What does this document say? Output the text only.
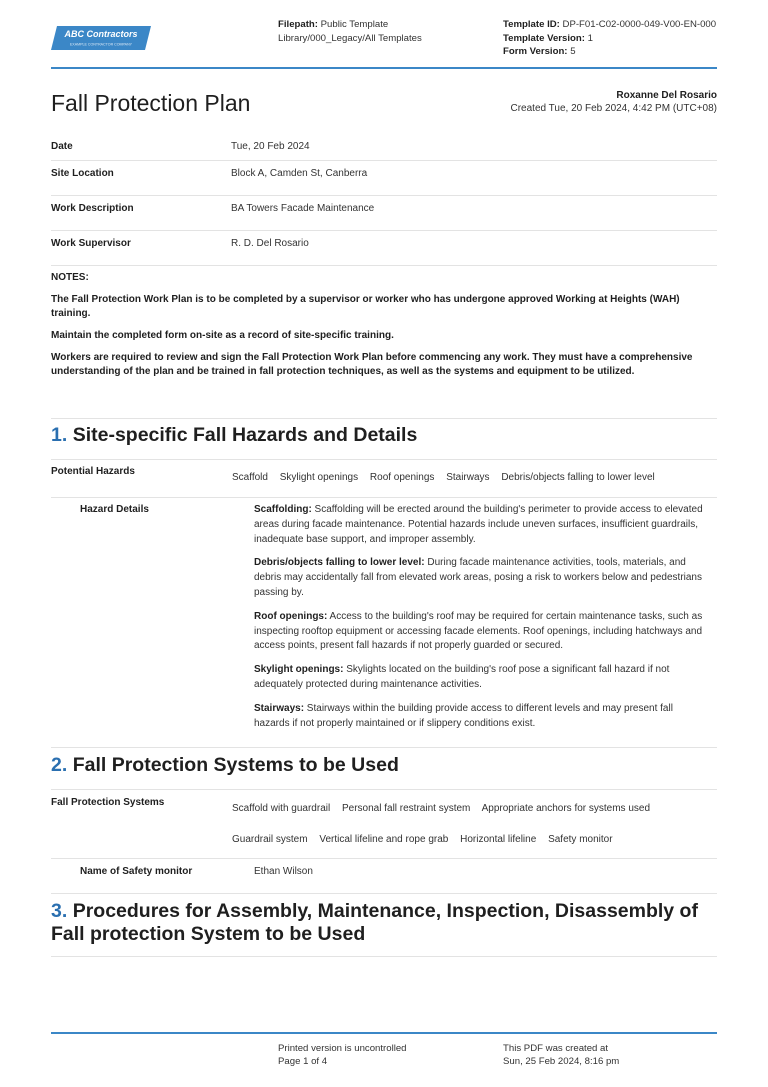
ABC Contractors
EXAMPLE CONTRACTOR COMPANY
Filepath: Public Template Library/000_Legacy/All Templates
Template ID: DP-F01-C02-0000-049-V00-EN-000
Template Version: 1
Form Version: 5
Fall Protection Plan	Roxanne Del Rosario
Created Tue, 20 Feb 2024, 4:42 PM (UTC+08)
Date	Tue, 20 Feb 2024
Site Location	Block A, Camden St, Canberra
Work Description	BA Towers Facade Maintenance
Work Supervisor	R. D. Del Rosario

NOTES:

The Fall Protection Work Plan is to be completed by a supervisor or worker who has undergone approved Working at Heights (WAH) training.

Maintain the completed form on-site as a record of site-specific training.

Workers are required to review and sign the Fall Protection Work Plan before commencing any work. They must have a comprehensive understanding of the plan and be trained in fall protection techniques, as well as the systems and equipment to be utilized.

1. Site-specific Fall Hazards and Details
Potential Hazards
Scaffold Skylight openings Roof openings Stairways Debris/objects falling to lower level
Hazard Details	Scaffolding: Scaffolding will be erected around the building's perimeter to provide access to elevated areas during facade maintenance. Potential hazards include uneven surfaces, insufficient guardrails, inadequate base support, and improper assembly.

Debris/objects falling to lower level: During facade maintenance activities, tools, materials, and debris may accidentally fall from elevated work areas, posing a risk to workers below and pedestrians passing by.

Roof openings: Access to the building's roof may be required for certain maintenance tasks, such as inspecting rooftop equipment or accessing facade elements. Roof openings, including hatchways and access points, present fall hazards if not properly guarded or secured.

Skylight openings: Skylights located on the building's roof pose a significant fall hazard if not adequately protected during maintenance activities.

Stairways: Stairways within the building provide access to different levels and may present fall hazards if not properly maintained or if slippery conditions exist.

2. Fall Protection Systems to be Used
Fall Protection Systems
Scaffold with guardrail Personal fall restraint system Appropriate anchors for systems used
Guardrail system Vertical lifeline and rope grab Horizontal lifeline Safety monitor
Name of Safety monitor	Ethan Wilson
3. Procedures for Assembly, Maintenance, Inspection, Disassembly of
Fall protection System to be Used
Printed version is uncontrolled
Page 1 of 4
This PDF was created at
Sun, 25 Feb 2024, 8:16 pm
